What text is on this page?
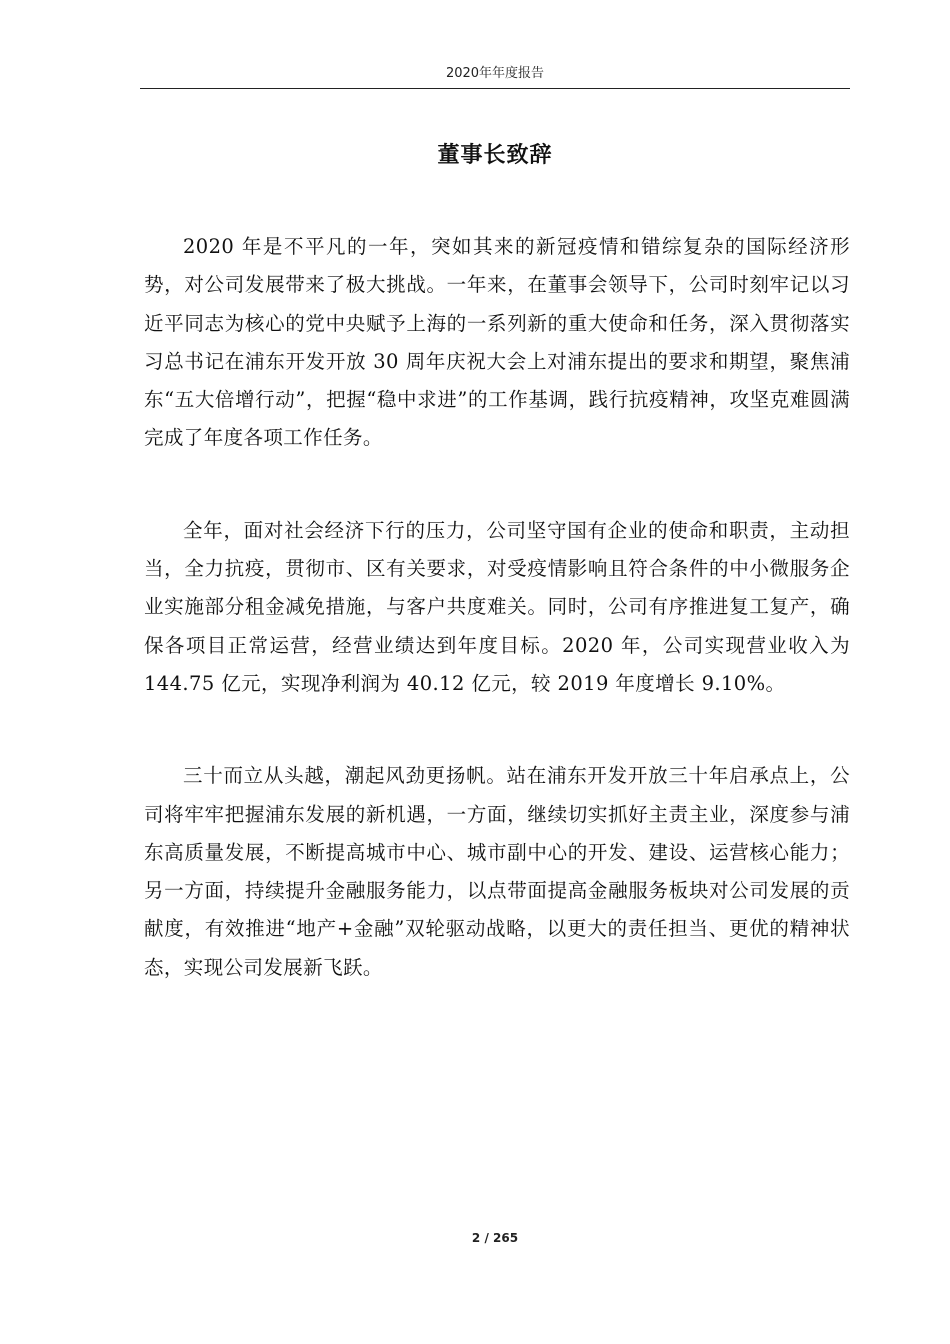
2020年年度报告
董事长致辞

2020 年是不平凡的一年，突如其来的新冠疫情和错综复杂的国际经济形势，对公司发展带来了极大挑战。一年来，在董事会领导下，公司时刻牢记以习近平同志为核心的党中央赋予上海的一系列新的重大使命和任务，深入贯彻落实习总书记在浦东开发开放 30 周年庆祝大会上对浦东提出的要求和期望，聚焦浦东“五大倍增行动”，把握“稳中求进”的工作基调，践行抗疫精神，攻坚克难圆满完成了年度各项工作任务。

全年，面对社会经济下行的压力，公司坚守国有企业的使命和职责，主动担当，全力抗疫，贯彻市、区有关要求，对受疫情影响且符合条件的中小微服务企业实施部分租金减免措施，与客户共度难关。同时，公司有序推进复工复产，确保各项目正常运营，经营业绩达到年度目标。2020 年，公司实现营业收入为 144.75 亿元，实现净利润为 40.12 亿元，较 2019 年度增长 9.10%。

三十而立从头越，潮起风劲更扬帆。站在浦东开发开放三十年启承点上，公司将牢牢把握浦东发展的新机遇，一方面，继续切实抓好主责主业，深度参与浦东高质量发展，不断提高城市中心、城市副中心的开发、建设、运营核心能力；另一方面，持续提升金融服务能力，以点带面提高金融服务板块对公司发展的贡献度，有效推进“地产+金融”双轮驱动战略，以更大的责任担当、更优的精神状态，实现公司发展新飞跃。

2 / 265
